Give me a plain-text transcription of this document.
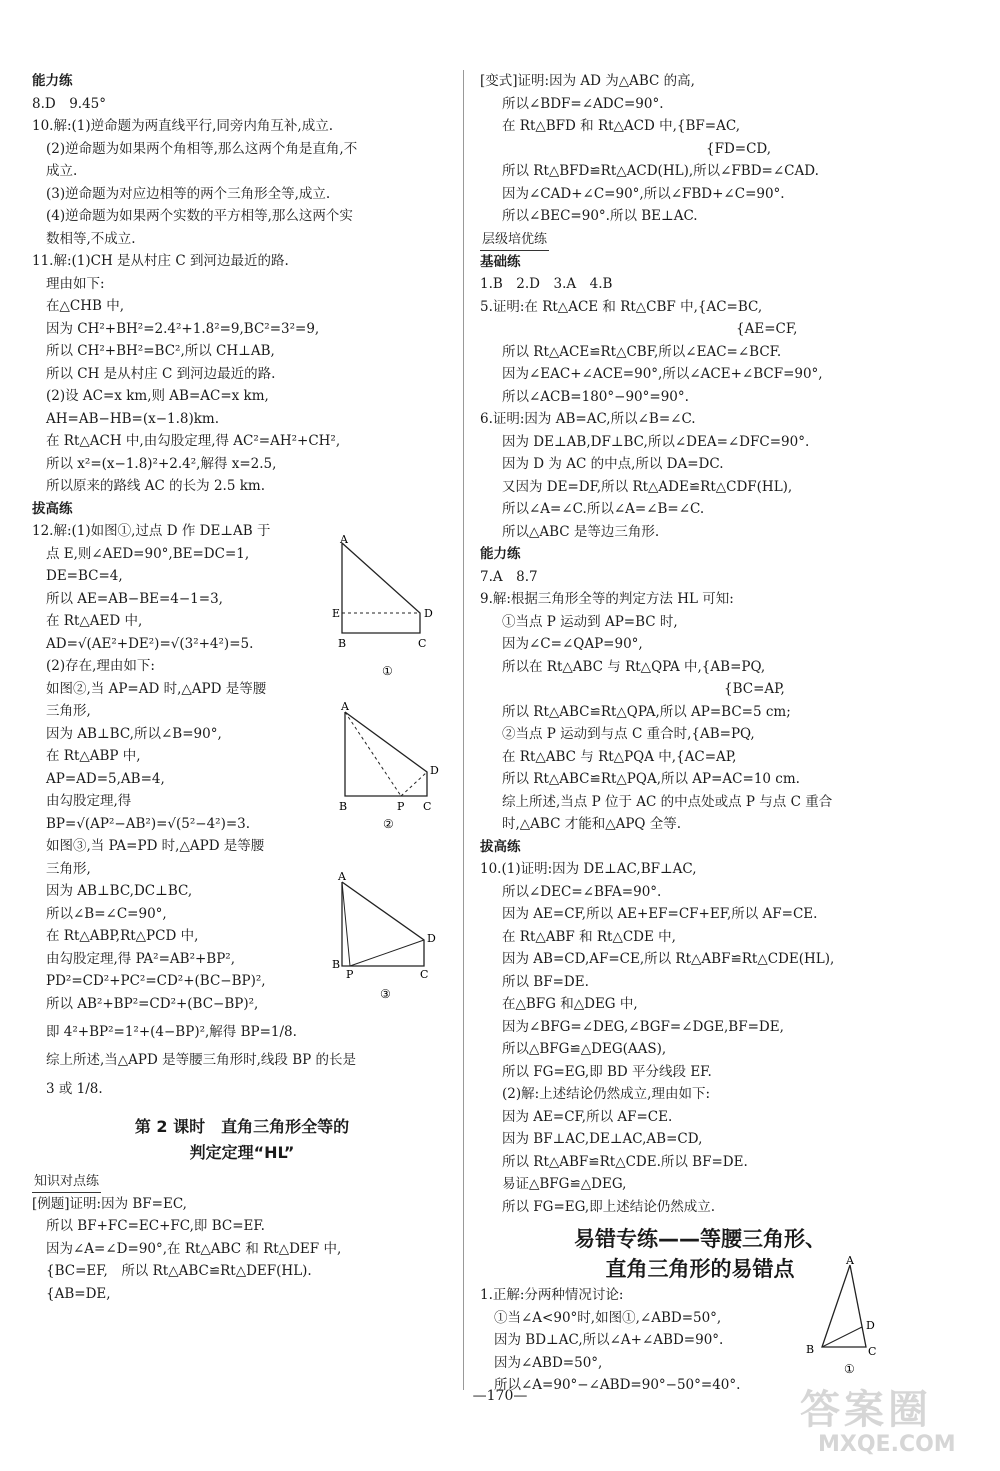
能力练
8.D　9.45°
10.解:(1)逆命题为两直线平行,同旁内角互补,成立.
(2)逆命题为如果两个角相等,那么这两个角是直角,不
成立.
(3)逆命题为对应边相等的两个三角形全等,成立.
(4)逆命题为如果两个实数的平方相等,那么这两个实
数相等,不成立.
11.解:(1)CH 是从村庄 C 到河边最近的路.
理由如下:
在△CHB 中,
因为 CH²+BH²=2.4²+1.8²=9,BC²=3²=9,
所以 CH²+BH²=BC²,所以 CH⊥AB,
所以 CH 是从村庄 C 到河边最近的路.
(2)设 AC=x km,则 AB=AC=x km,
AH=AB−HB=(x−1.8)km.
在 Rt△ACH 中,由勾股定理,得 AC²=AH²+CH²,
所以 x²=(x−1.8)²+2.4²,解得 x=2.5,
所以原来的路线 AC 的长为 2.5 km.
拔高练
12.解:(1)如图①,过点 D 作 DE⊥AB 于
点 E,则∠AED=90°,BE=DC=1,
DE=BC=4,
所以 AE=AB−BE=4−1=3,
在 Rt△AED 中,
AD=√(AE²+DE²)=√(3²+4²)=5.
(2)存在,理由如下:
如图②,当 AP=AD 时,△APD 是等腰
三角形,
因为 AB⊥BC,所以∠B=90°,
在 Rt△ABP 中,
AP=AD=5,AB=4,
由勾股定理,得
BP=√(AP²−AB²)=√(5²−4²)=3.
如图③,当 PA=PD 时,△APD 是等腰
三角形,
因为 AB⊥BC,DC⊥BC,
所以∠B=∠C=90°,
在 Rt△ABP,Rt△PCD 中,
由勾股定理,得 PA²=AB²+BP²,
PD²=CD²+PC²=CD²+(BC−BP)²,
所以 AB²+BP²=CD²+(BC−BP)²,
即 4²+BP²=1²+(4−BP)²,解得 BP=1/8.
综上所述,当△APD 是等腰三角形时,线段 BP 的长是
3 或 1/8.
第 2 课时　直角三角形全等的
判定定理“HL”
知识对点练
[例题]证明:因为 BF=EC,
所以 BF+FC=EC+FC,即 BC=EF.
因为∠A=∠D=90°,在 Rt△ABC 和 Rt△DEF 中,
{BC=EF,　 所以 Rt△ABC≌Rt△DEF(HL).
{AB=DE,
[变式]证明:因为 AD 为△ABC 的高,
所以∠BDF=∠ADC=90°.
在 Rt△BFD 和 Rt△ACD 中,{BF=AC,
{FD=CD,
所以 Rt△BFD≌Rt△ACD(HL),所以∠FBD=∠CAD.
因为∠CAD+∠C=90°,所以∠FBD+∠C=90°.
所以∠BEC=90°.所以 BE⊥AC.
层级培优练
基础练
1.B　2.D　3.A　4.B
5.证明:在 Rt△ACE 和 Rt△CBF 中,{AC=BC,
{AE=CF,
所以 Rt△ACE≌Rt△CBF,所以∠EAC=∠BCF.
因为∠EAC+∠ACE=90°,所以∠ACE+∠BCF=90°,
所以∠ACB=180°−90°=90°.
6.证明:因为 AB=AC,所以∠B=∠C.
因为 DE⊥AB,DF⊥BC,所以∠DEA=∠DFC=90°.
因为 D 为 AC 的中点,所以 DA=DC.
又因为 DE=DF,所以 Rt△ADE≌Rt△CDF(HL),
所以∠A=∠C.所以∠A=∠B=∠C.
所以△ABC 是等边三角形.
能力练
7.A　8.7
9.解:根据三角形全等的判定方法 HL 可知:
①当点 P 运动到 AP=BC 时,
因为∠C=∠QAP=90°,
所以在 Rt△ABC 与 Rt△QPA 中,{AB=PQ,
{BC=AP,
所以 Rt△ABC≌Rt△QPA,所以 AP=BC=5 cm;
②当点 P 运动到与点 C 重合时,{AB=PQ,
在 Rt△ABC 与 Rt△PQA 中,{AC=AP,
所以 Rt△ABC≌Rt△PQA,所以 AP=AC=10 cm.
综上所述,当点 P 位于 AC 的中点处或点 P 与点 C 重合
时,△ABC 才能和△APQ 全等.
拔高练
10.(1)证明:因为 DE⊥AC,BF⊥AC,
所以∠DEC=∠BFA=90°.
因为 AE=CF,所以 AE+EF=CF+EF,所以 AF=CE.
在 Rt△ABF 和 Rt△CDE 中,
因为 AB=CD,AF=CE,所以 Rt△ABF≌Rt△CDE(HL),
所以 BF=DE.
在△BFG 和△DEG 中,
因为∠BFG=∠DEG,∠BGF=∠DGE,BF=DE,
所以△BFG≌△DEG(AAS),
所以 FG=EG,即 BD 平分线段 EF.
(2)解:上述结论仍然成立,理由如下:
因为 AE=CF,所以 AF=CE.
因为 BF⊥AC,DE⊥AC,AB=CD,
所以 Rt△ABF≌Rt△CDE.所以 BF=DE.
易证△BFG≌△DEG,
所以 FG=EG,即上述结论仍然成立.
易错专练——等腰三角形、
直角三角形的易错点
1.正解:分两种情况讨论:
①当∠A<90°时,如图①,∠ABD=50°,
因为 BD⊥AC,所以∠A+∠ABD=90°.
因为∠ABD=50°,
所以∠A=90°−∠ABD=90°−50°=40°.
A
E	D
B	C
①
A
D
B	P C
②
A
D
B
P	C
③
A
D
B	C
①
—170—	答案圈
MXQE.COM
